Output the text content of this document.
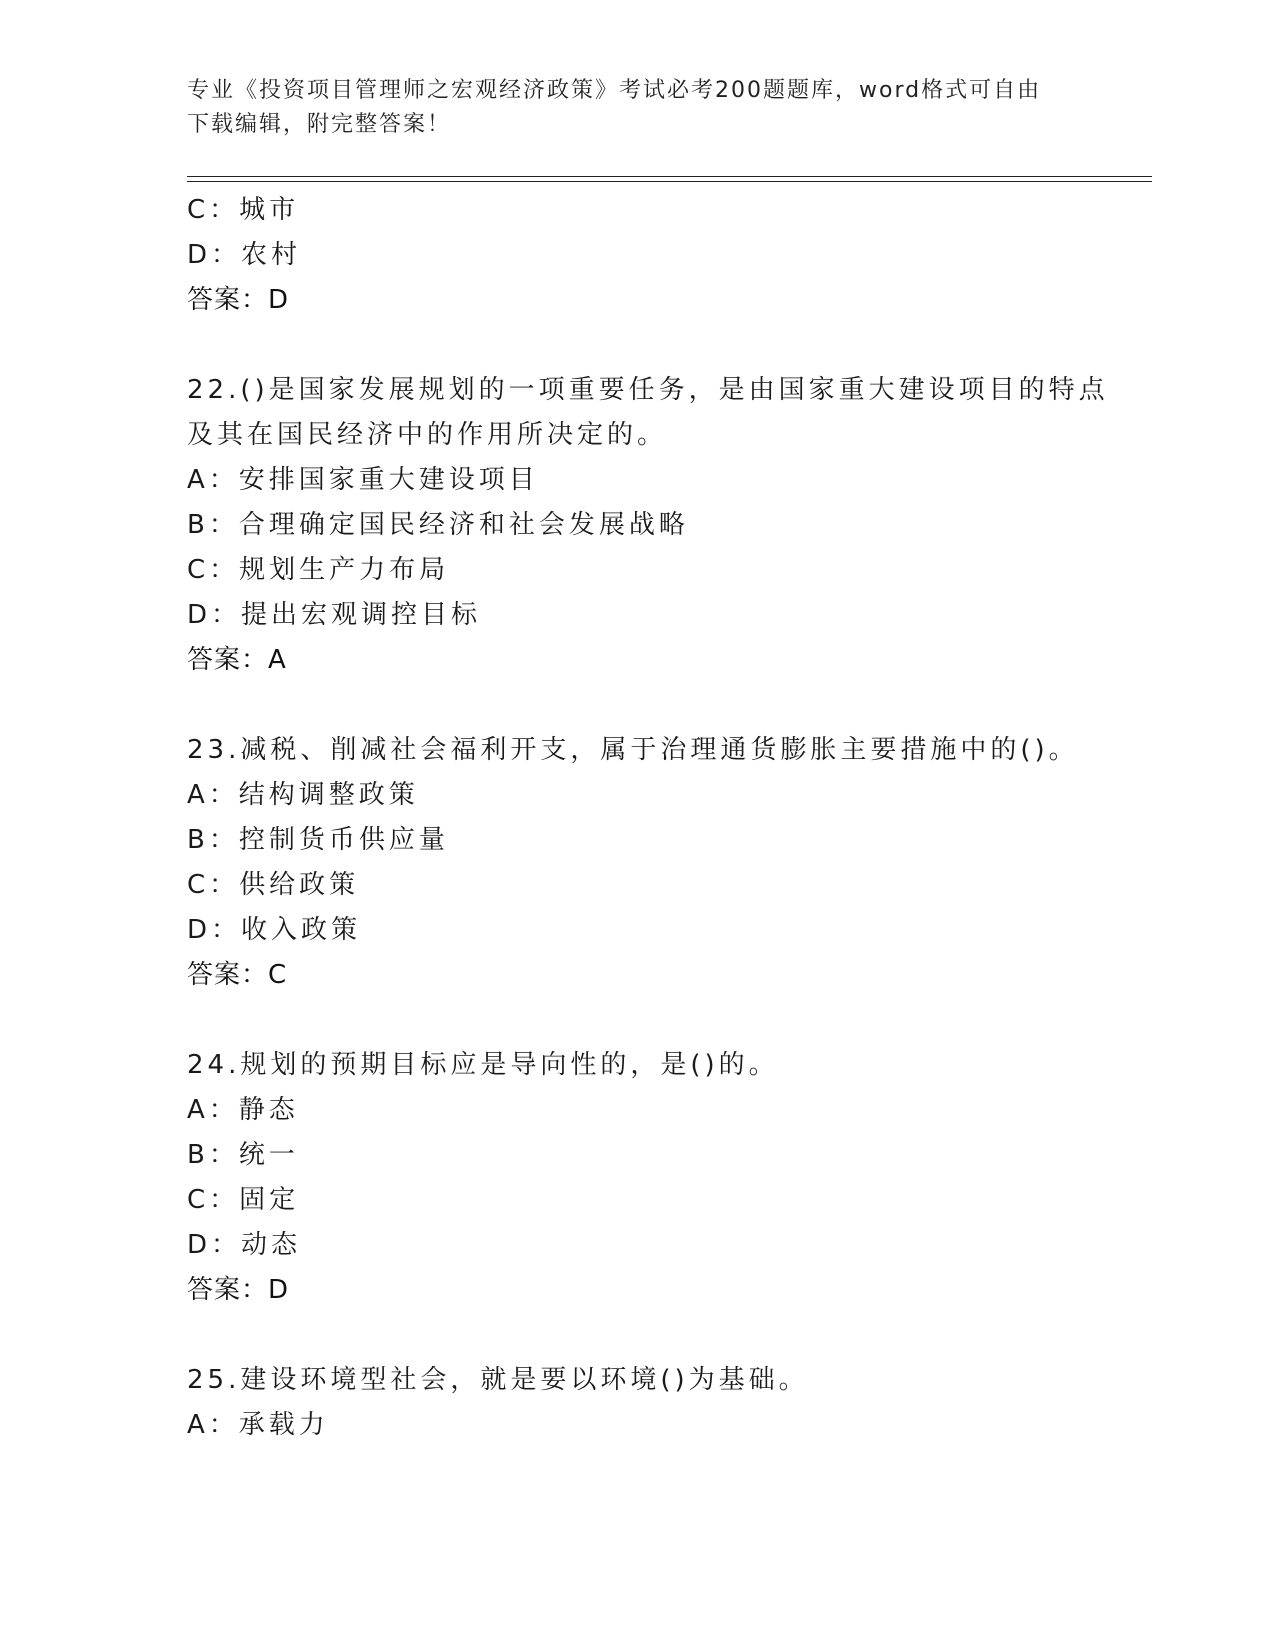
专业《投资项目管理师之宏观经济政策》考试必考200题题库，word格式可自由
下载编辑，附完整答案！
C：城市
D：农村
答案：D
22.()是国家发展规划的一项重要任务，是由国家重大建设项目的特点
及其在国民经济中的作用所决定的。
A：安排国家重大建设项目
B：合理确定国民经济和社会发展战略
C：规划生产力布局
D：提出宏观调控目标
答案：A
23.减税、削减社会福利开支，属于治理通货膨胀主要措施中的()。
A：结构调整政策
B：控制货币供应量
C：供给政策
D：收入政策
答案：C
24.规划的预期目标应是导向性的，是()的。
A：静态
B：统一
C：固定
D：动态
答案：D
25.建设环境型社会，就是要以环境()为基础。
A：承载力
